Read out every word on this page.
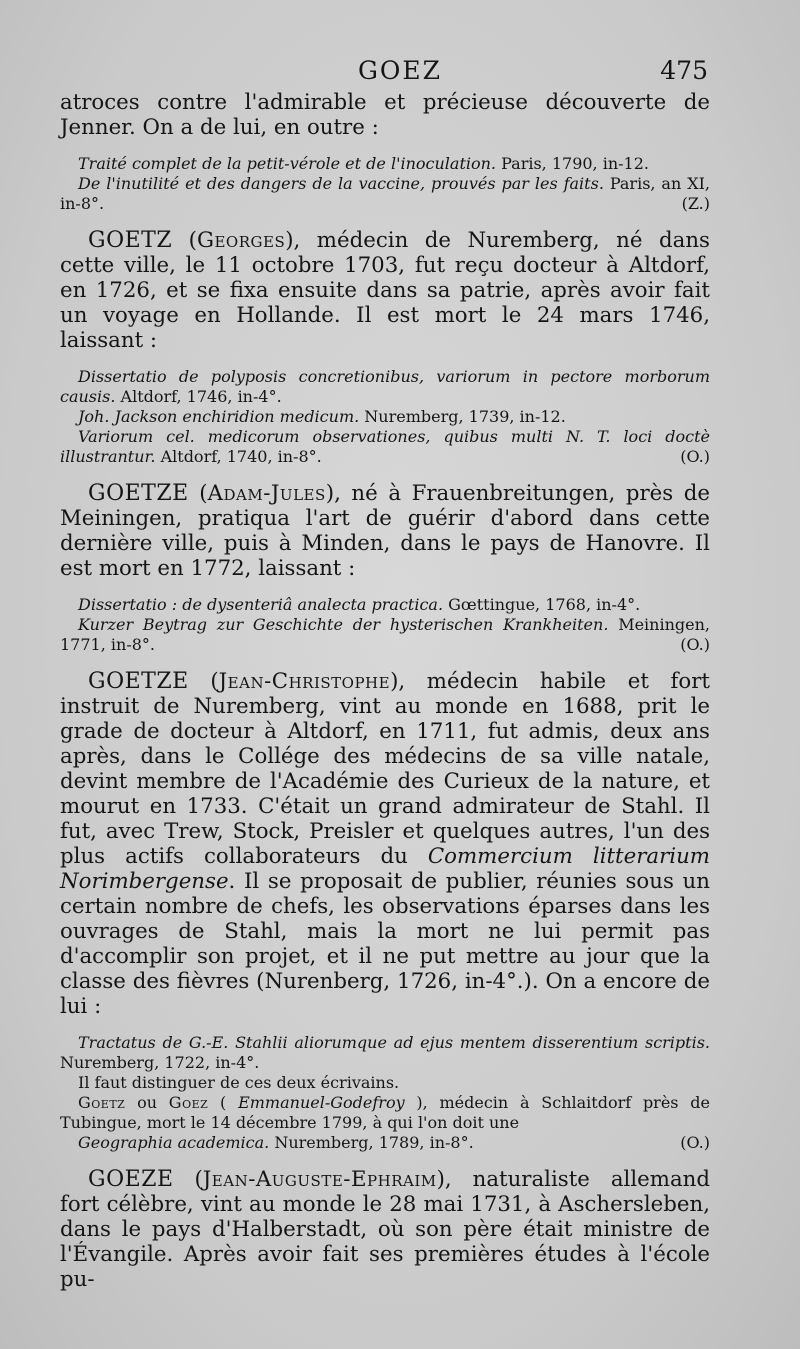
GOEZ	475

atroces contre l'admirable et précieuse découverte de Jenner. On a de lui, en outre :

Traité complet de la petit-vérole et de l'inoculation. Paris, 1790, in-12.

De l'inutilité et des dangers de la vaccine, prouvés par les faits. Paris, an XI, in-8°.	(Z.)

GOETZ (Georges), médecin de Nuremberg, né dans cette ville, le 11 octobre 1703, fut reçu docteur à Altdorf, en 1726, et se fixa ensuite dans sa patrie, après avoir fait un voyage en Hollande. Il est mort le 24 mars 1746, laissant :

Dissertatio de polyposis concretionibus, variorum in pectore morborum causis. Altdorf, 1746, in-4°.

Joh. Jackson enchiridion medicum. Nuremberg, 1739, in-12.

Variorum cel. medicorum observationes, quibus multi N. T. loci doctè illustrantur. Altdorf, 1740, in-8°.	(O.)

GOETZE (Adam-Jules), né à Frauenbreitungen, près de Meiningen, pratiqua l'art de guérir d'abord dans cette dernière ville, puis à Minden, dans le pays de Hanovre. Il est mort en 1772, laissant :

Dissertatio : de dysenteriâ analecta practica. Gœttingue, 1768, in-4°.

Kurzer Beytrag zur Geschichte der hysterischen Krankheiten. Meiningen, 1771, in-8°.	(O.)

GOETZE (Jean-Christophe), médecin habile et fort instruit de Nuremberg, vint au monde en 1688, prit le grade de docteur à Altdorf, en 1711, fut admis, deux ans après, dans le Collége des médecins de sa ville natale, devint membre de l'Académie des Curieux de la nature, et mourut en 1733. C'était un grand admirateur de Stahl. Il fut, avec Trew, Stock, Preisler et quelques autres, l'un des plus actifs collaborateurs du Commercium litterarium Norimbergense. Il se proposait de publier, réunies sous un certain nombre de chefs, les observations éparses dans les ouvrages de Stahl, mais la mort ne lui permit pas d'accomplir son projet, et il ne put mettre au jour que la classe des fièvres (Nurenberg, 1726, in-4°.). On a encore de lui :

Tractatus de G.-E. Stahlii aliorumque ad ejus mentem disserentium scriptis. Nuremberg, 1722, in-4°.

Il faut distinguer de ces deux écrivains.

Goetz ou Goez ( Emmanuel-Godefroy ), médecin à Schlaitdorf près de Tubingue, mort le 14 décembre 1799, à qui l'on doit une

Geographia academica. Nuremberg, 1789, in-8°.	(O.)

GOEZE (Jean-Auguste-Ephraim), naturaliste allemand fort célèbre, vint au monde le 28 mai 1731, à Aschersleben, dans le pays d'Halberstadt, où son père était ministre de l'Évangile. Après avoir fait ses premières études à l'école pu-
